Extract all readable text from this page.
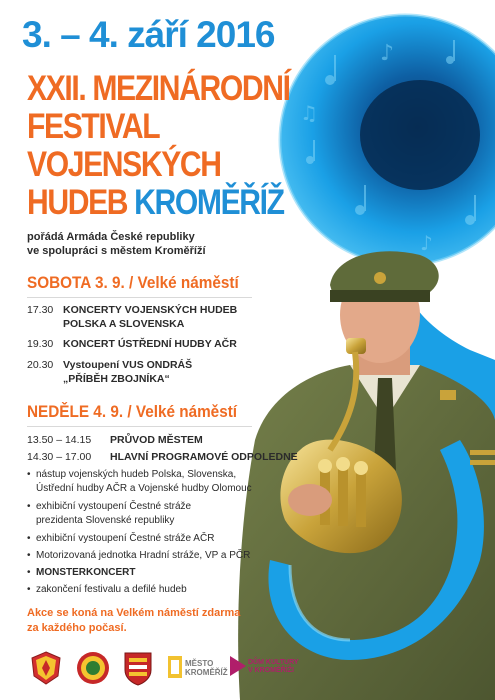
♪
♫
♪
3. – 4. září 2016
XXII. MEZINÁRODNÍ
FESTIVAL
VOJENSKÝCH
HUDEB KROMĚŘÍŽ
pořádá Armáda České republiky
ve spolupráci s městem Kroměříží
SOBOTA 3. 9. / Velké náměstí
17.30 KONCERTY VOJENSKÝCH HUDEB
POLSKA A SLOVENSKA
19.30 KONCERT ÚSTŘEDNÍ HUDBY AČR
20.30 Vystoupení VUS ONDRÁŠ
„PŘÍBĚH ZBOJNÍKA“
NEDĚLE 4. 9. / Velké náměstí
13.50 – 14.15 PRŮVOD MĚSTEM
14.30 – 17.00 HLAVNÍ PROGRAMOVÉ ODPOLEDNE
• nástup vojenských hudeb Polska, Slovenska,
Ústřední hudby AČR a Vojenské hudby Olomouc
• exhibiční vystoupení Čestné stráže
prezidenta Slovenské republiky
• exhibiční vystoupení Čestné stráže AČR
• Motorizovaná jednotka Hradní stráže, VP a PČR
• MONSTERKONCERT
• zakončení festivalu a defilé hudeb
Akce se koná na Velkém náměstí zdarma
za každého počasí.
MĚSTO
KROMĚŘÍŽ
DŮM KULTURY
V KROMĚŘÍŽI
